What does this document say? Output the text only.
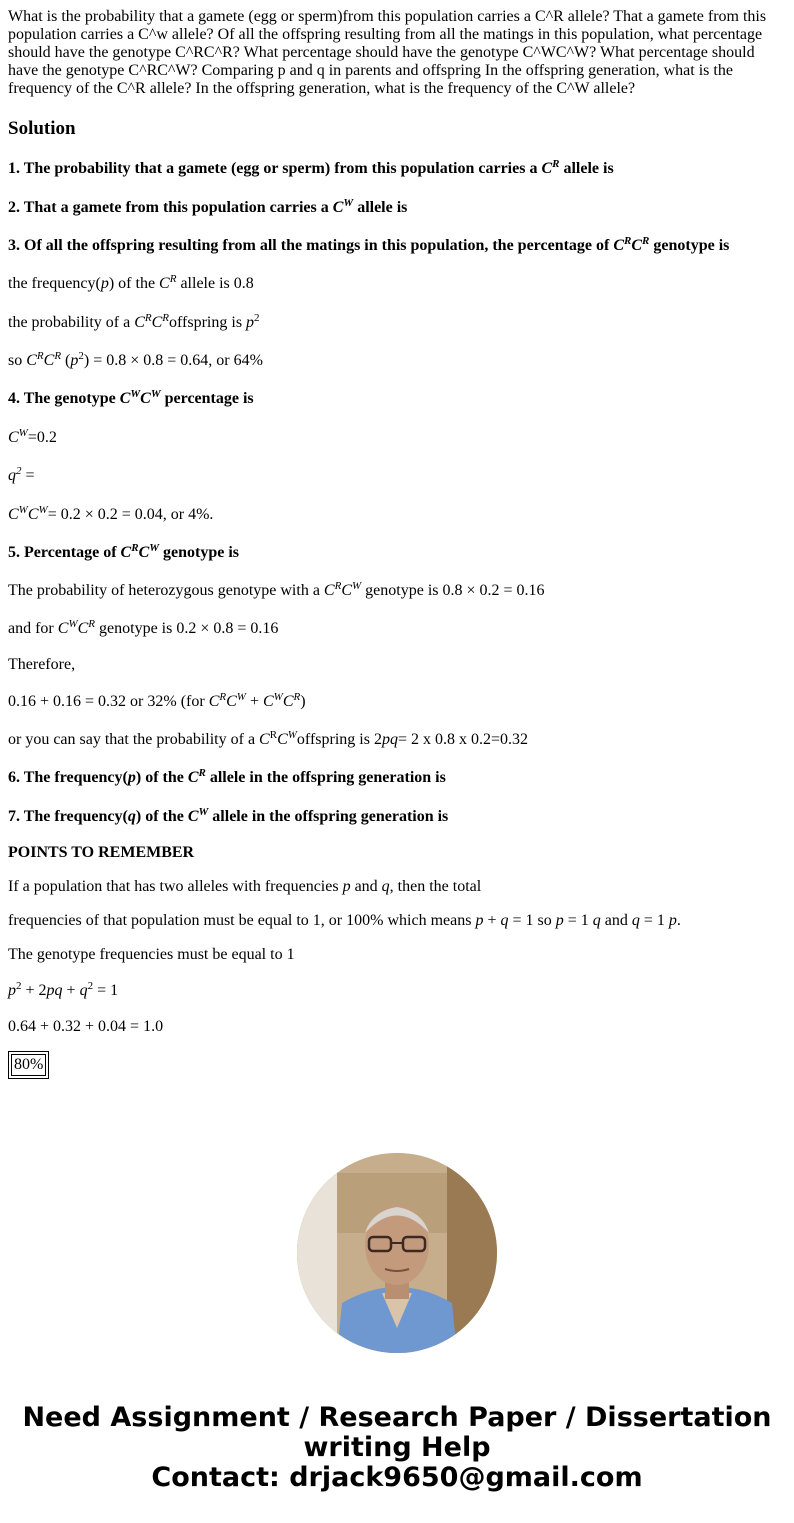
What is the probability that a gamete (egg or sperm)from this population carries a C^R allele? That a gamete from this population carries a C^w allele? Of all the offspring resulting from all the matings in this population, what percentage should have the genotype C^RC^R? What percentage should have the genotype C^WC^W? What percentage should have the genotype C^RC^W? Comparing p and q in parents and offspring In the offspring generation, what is the frequency of the C^R allele? In the offspring generation, what is the frequency of the C^W allele?

Solution
1. The probability that a gamete (egg or sperm) from this population carries a $C^R$ allele is
2. That a gamete from this population carries a $C^W$ allele is
3. Of all the offspring resulting from all the matings in this population, the percentage of $C^RC^R$ genotype is
the frequency(p) of the $C^R$ allele is 0.8
the probability of a $C^RC^Roffspring$ is $p^2$
so $C^RC^R$ $(p^2) = 0.8 \times 0.8 = 0.64$, or 64%
4. The genotype $C^WC^W$ percentage is
$C^W=0.2$
$q^2$ =
$C^WC^W= 0.2 \times 0.2 = 0.04$, or 4%.
5. Percentage of $C^RC^W$ genotype is
The probability of heterozygous genotype with a $C^RC^W$ genotype is 0.8 × 0.2 = 0.16
and for $C^WC^R$ genotype is 0.2 × 0.8 = 0.16
Therefore,
0.16 + 0.16 = 0.32 or 32% (for $C^RC^W + C^WC^R$)
or you can say that the probability of a $C^RC^Woffspring$ is 2pq= 2 x 0.8 x 0.2=0.32
6. The frequency(p) of the $C^R$ allele in the offspring generation is
7. The frequency(q) of the $C^W$ allele in the offspring generation is
POINTS TO REMEMBER
If a population that has two alleles with frequencies p and q, then the total
frequencies of that population must be equal to 1, or 100% which means p + q = 1 so p = 1 q and q = 1 p.
The genotype frequencies must be equal to 1
$p^2 + 2pq + q^2 = 1$
0.64 + 0.32 + 0.04 = 1.0
80%
Need Assignment / Research Paper / Dissertation
writing Help
Contact: drjack9650@gmail.com
